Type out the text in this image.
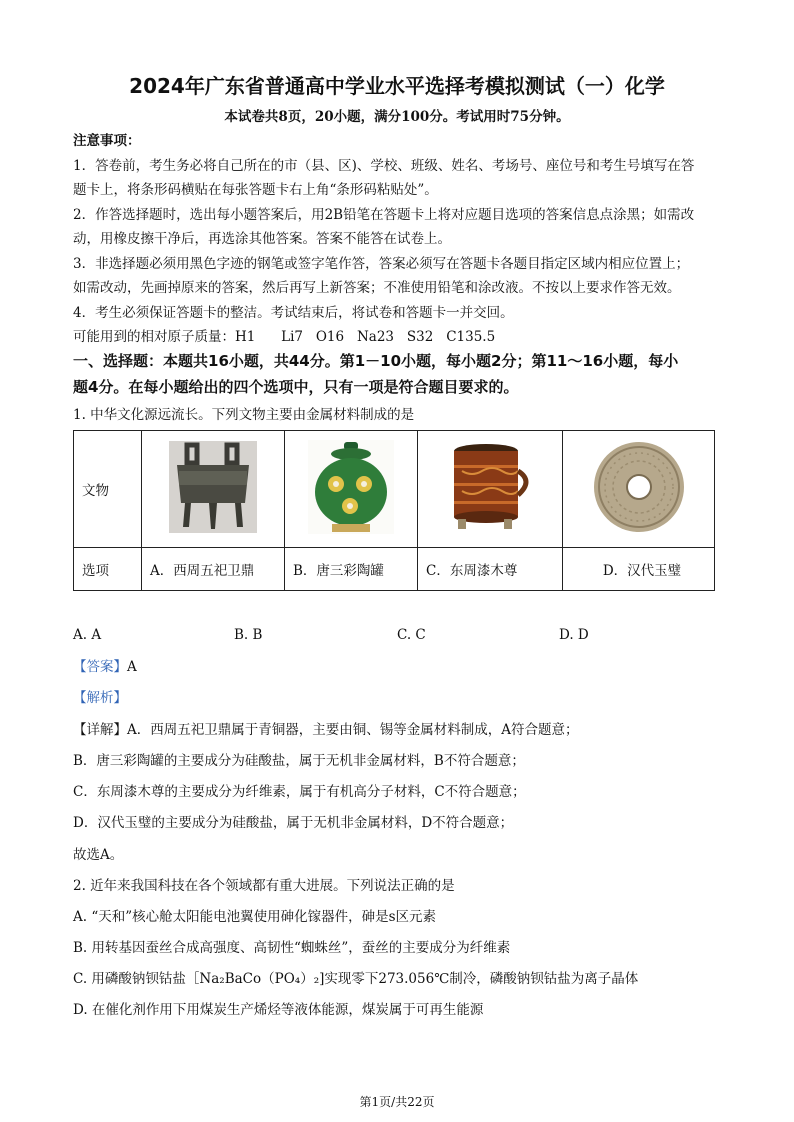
2024年广东省普通高中学业水平选择考模拟测试（一）化学
本试卷共8页，20小题，满分100分。考试用时75分钟。
注意事项：
1．答卷前，考生务必将自己所在的市（县、区)、学校、班级、姓名、考场号、座位号和考生号填写在答
题卡上，将条形码横贴在每张答题卡右上角“条形码粘贴处”。
2．作答选择题时，选出每小题答案后，用2B铅笔在答题卡上将对应题目选项的答案信息点涂黑；如需改
动，用橡皮擦干净后，再选涂其他答案。答案不能答在试卷上。
3．非选择题必须用黑色字迹的钢笔或签字笔作答，答案必须写在答题卡各题目指定区域内相应位置上；
如需改动，先画掉原来的答案，然后再写上新答案；不准使用铅笔和涂改液。不按以上要求作答无效。
4．考生必须保证答题卡的整洁。考试结束后，将试卷和答题卡一并交回。
可能用到的相对原子质量：H1      Li7   O16   Na23   S32   C135.5
一、选择题：本题共16小题，共44分。第1－10小题，每小题2分；第11～16小题，每小
题4分。在每小题给出的四个选项中，只有一项是符合题目要求的。
1. 中华文化源远流长。下列文物主要由金属材料制成的是
文物				
选项	A．西周五祀卫鼎	B．唐三彩陶罐	C．东周漆木尊	D．汉代玉璧
A. A	B. B	C. C	D. D
【答案】A
【解析】
【详解】A．西周五祀卫鼎属于青铜器，主要由铜、锡等金属材料制成，A符合题意；
B．唐三彩陶罐的主要成分为硅酸盐，属于无机非金属材料，B不符合题意；
C．东周漆木尊的主要成分为纤维素，属于有机高分子材料，C不符合题意；
D．汉代玉璧的主要成分为硅酸盐，属于无机非金属材料，D不符合题意；
故选A。
2. 近年来我国科技在各个领域都有重大进展。下列说法正确的是
A. “天和”核心舱太阳能电池翼使用砷化镓器件，砷是s区元素
B. 用转基因蚕丝合成高强度、高韧性“蜘蛛丝”，蚕丝的主要成分为纤维素
C. 用磷酸钠钡钴盐［Na₂BaCo（PO₄）₂]实现零下273.056℃制冷，磷酸钠钡钴盐为离子晶体
D. 在催化剂作用下用煤炭生产烯烃等液体能源，煤炭属于可再生能源
第1页/共22页
